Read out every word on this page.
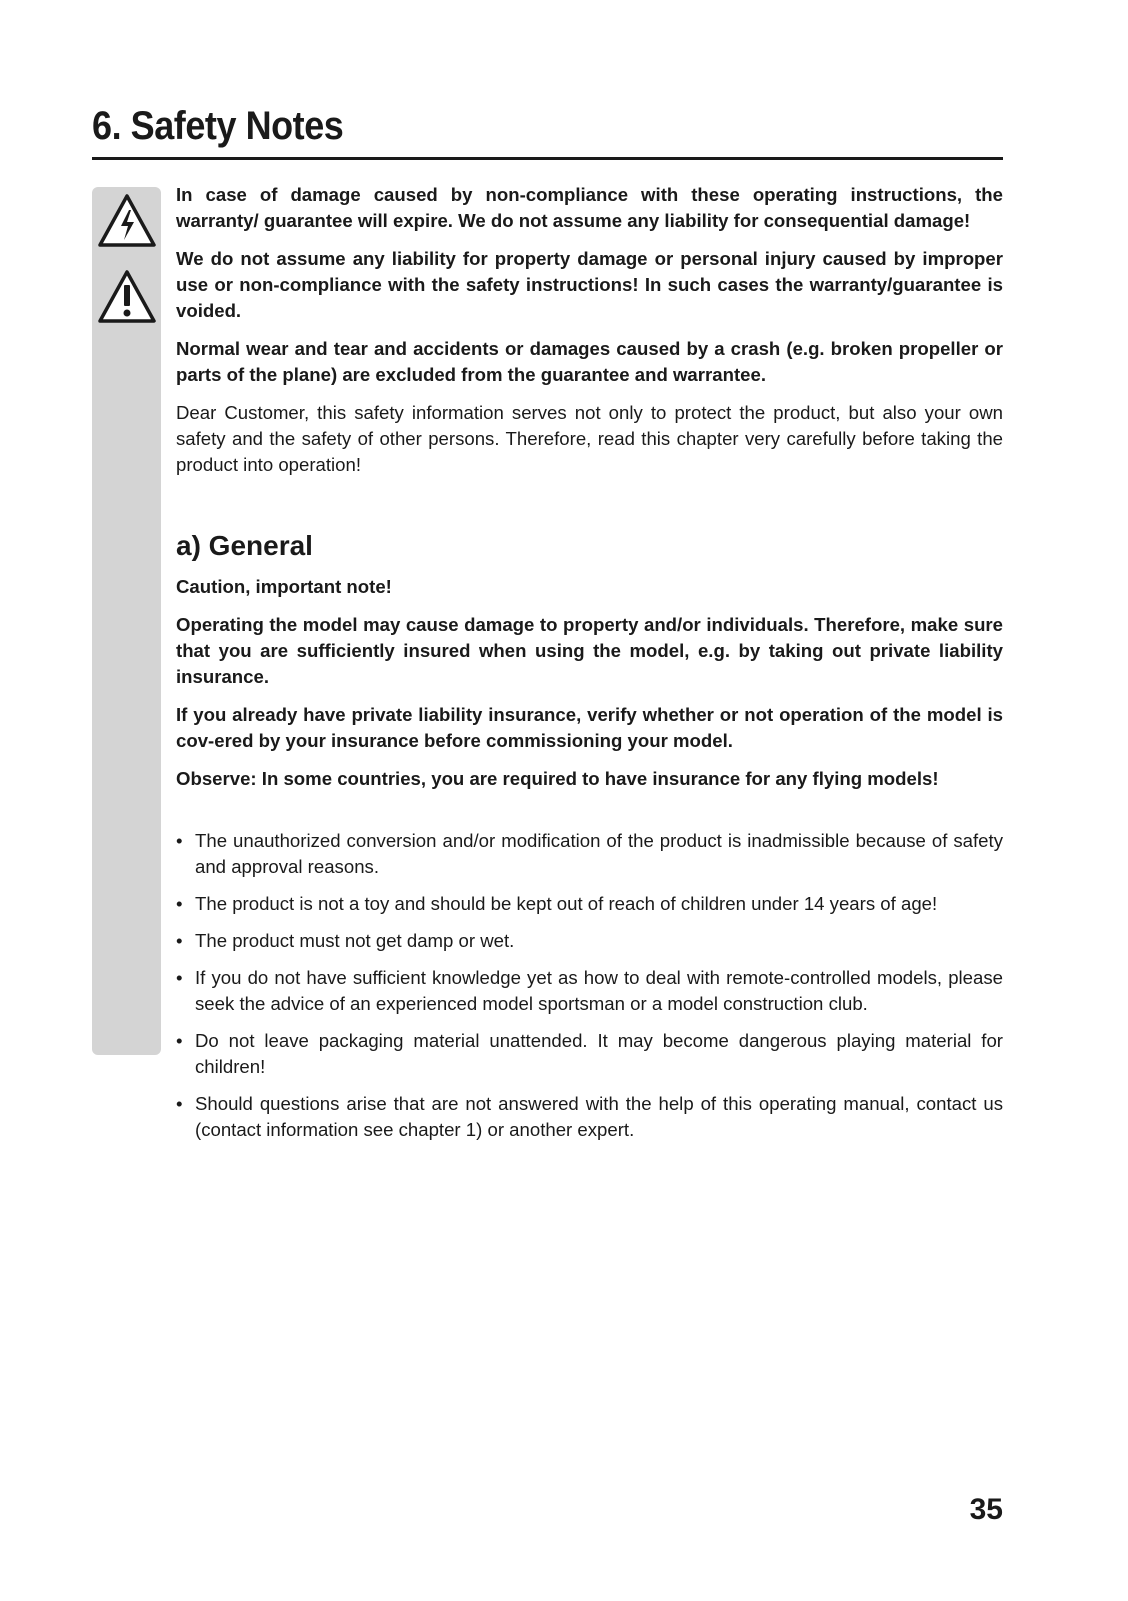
6. Safety Notes

In case of damage caused by non-compliance with these operating instructions, the warranty/ guarantee will expire. We do not assume any liability for consequential damage!

We do not assume any liability for property damage or personal injury caused by improper use or non-compliance with the safety instructions! In such cases the warranty/guarantee is voided.

Normal wear and tear and accidents or damages caused by a crash (e.g. broken propeller or parts of the plane) are excluded from the guarantee and warrantee.

Dear Customer, this safety information serves not only to protect the product, but also your own safety and the safety of other persons. Therefore, read this chapter very carefully before taking the product into operation!

a) General

Caution, important note!

Operating the model may cause damage to property and/or individuals. Therefore, make sure that you are sufficiently insured when using the model, e.g. by taking out private liability insurance.

If you already have private liability insurance, verify whether or not operation of the model is cov-ered by your insurance before commissioning your model.

Observe: In some countries, you are required to have insurance for any flying models!

• The unauthorized conversion and/or modification of the product is inadmissible because of safety and approval reasons.
• The product is not a toy and should be kept out of reach of children under 14 years of age!
• The product must not get damp or wet.
• If you do not have sufficient knowledge yet as how to deal with remote-controlled models, please seek the advice of an experienced model sportsman or a model construction club.
• Do not leave packaging material unattended. It may become dangerous playing material for children!
• Should questions arise that are not answered with the help of this operating manual, contact us (contact information see chapter 1) or another expert.
35
